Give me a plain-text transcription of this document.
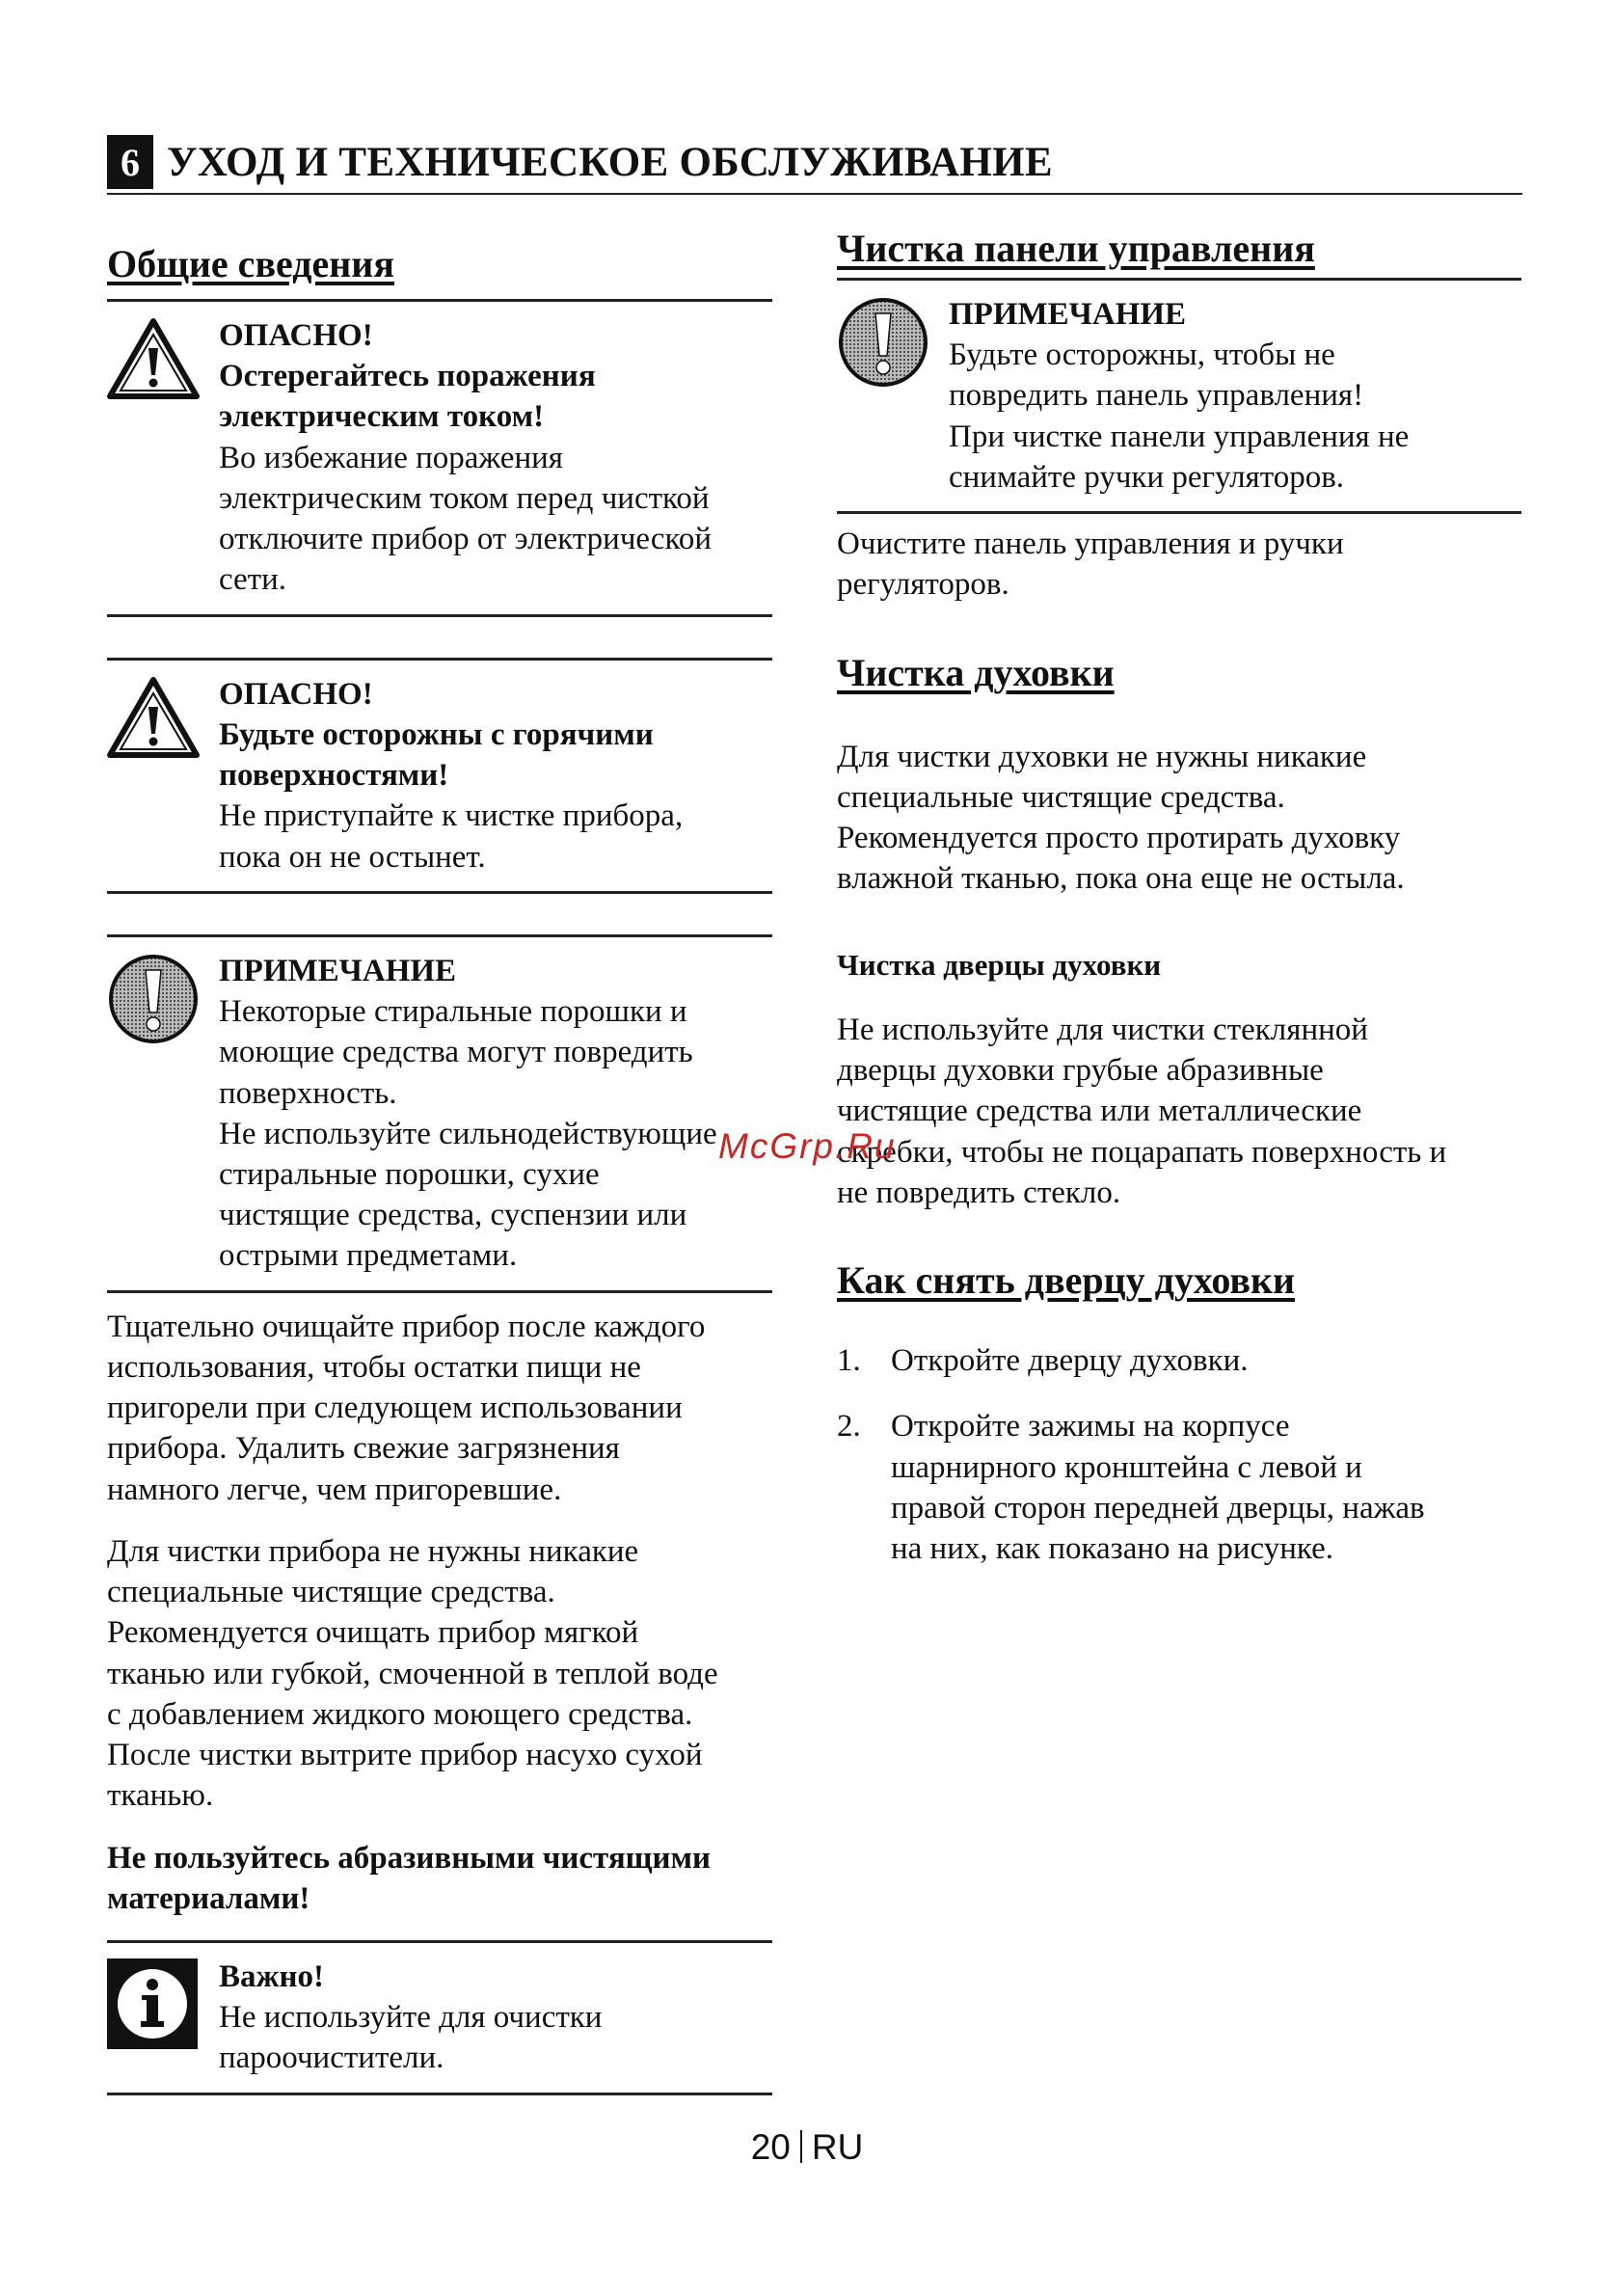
6 УХОД И ТЕХНИЧЕСКОЕ ОБСЛУЖИВАНИЕ
Общие сведения
ОПАСНО!
Остерегайтесь поражения
электрическим током!
Во избежание поражения
электрическим током перед чисткой
отключите прибор от электрической
сети.
ОПАСНО!
Будьте осторожны с горячими
поверхностями!
Не приступайте к чистке прибора,
пока он не остынет.
ПРИМЕЧАНИЕ
Некоторые стиральные порошки и
моющие средства могут повредить
поверхность.
Не используйте сильнодействующие
стиральные порошки, сухие
чистящие средства, суспензии или
острыми предметами.

Тщательно очищайте прибор после каждого
использования, чтобы остатки пищи не
пригорели при следующем использовании
прибора. Удалить свежие загрязнения
намного легче, чем пригоревшие.

Для чистки прибора не нужны никакие
специальные чистящие средства.
Рекомендуется очищать прибор мягкой
тканью или губкой, смоченной в теплой воде
с добавлением жидкого моющего средства.
После чистки вытрите прибор насухо сухой
тканью.

Не пользуйтесь абразивными чистящими
материалами!

Важно!
Не используйте для очистки
пароочистители.
Чистка панели управления
ПРИМЕЧАНИЕ
Будьте осторожны, чтобы не
повредить панель управления!
При чистке панели управления не
снимайте ручки регуляторов.

Очистите панель управления и ручки
регуляторов.

Чистка духовки

Для чистки духовки не нужны никакие
специальные чистящие средства.
Рекомендуется просто протирать духовку
влажной тканью, пока она еще не остыла.

Чистка дверцы духовки

Не используйте для чистки стеклянной
дверцы духовки грубые абразивные
чистящие средства или металлические
скребки, чтобы не поцарапать поверхность и
не повредить стекло.

Как снять дверцу духовки
1. Откройте дверцу духовки.
2. Откройте зажимы на корпусе
шарнирного кронштейна с левой и
правой сторон передней дверцы, нажав
на них, как показано на рисунке.
McGrp.Ru
20 RU
